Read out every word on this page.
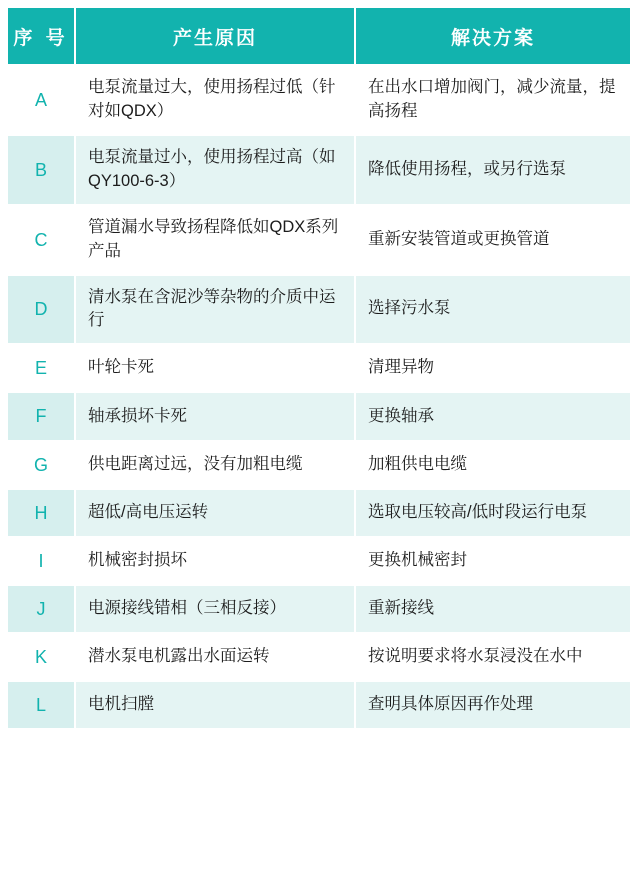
序 号	产生原因	解决方案
A	电泵流量过大，使用扬程过低（针对如QDX）	在出水口增加阀门，减少流量，提高扬程
B	电泵流量过小，使用扬程过高（如QY100-6-3）	降低使用扬程，或另行选泵
C	管道漏水导致扬程降低如QDX系列产品	重新安装管道或更换管道
D	清水泵在含泥沙等杂物的介质中运行	选择污水泵
E	叶轮卡死	清理异物
F	轴承损坏卡死	更换轴承
G	供电距离过远，没有加粗电缆	加粗供电电缆
H	超低/高电压运转	选取电压较高/低时段运行电泵
I	机械密封损坏	更换机械密封
J	电源接线错相（三相反接）	重新接线
K	潜水泵电机露出水面运转	按说明要求将水泵浸没在水中
L	电机扫膛	查明具体原因再作处理
